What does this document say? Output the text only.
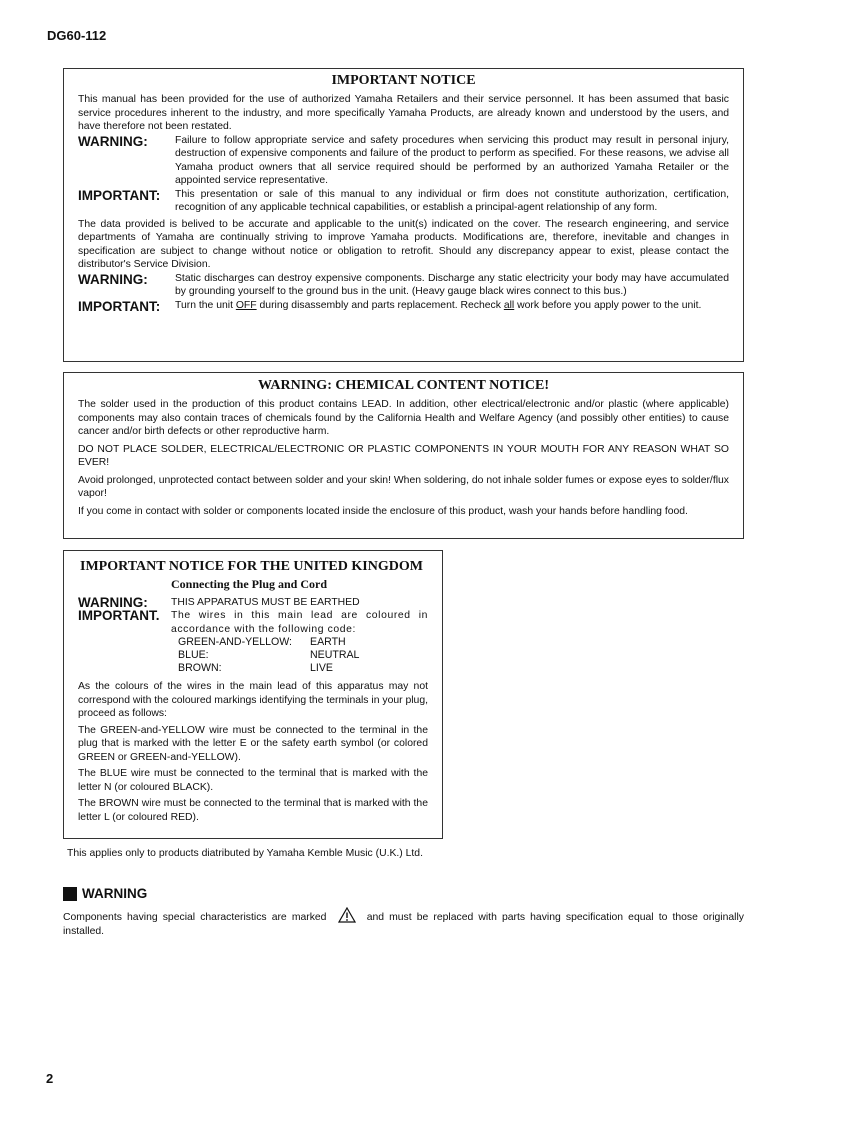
DG60-112
IMPORTANT NOTICE

This manual has been provided for the use of authorized Yamaha Retailers and their service personnel. It has been assumed that basic service procedures inherent to the industry, and more specifically Yamaha Products, are already known and understood by the users, and have therefore not been restated.

WARNING:	Failure to follow appropriate service and safety procedures when servicing this product may result in personal injury, destruction of expensive components and failure of the product to perform as specified. For these reasons, we advise all Yamaha product owners that all service required should be performed by an authorized Yamaha Retailer or the appointed service representative.
IMPORTANT:	This presentation or sale of this manual to any individual or firm does not constitute authorization, certification, recognition of any applicable technical capabilities, or establish a principal-agent relationship of any form.

The data provided is belived to be accurate and applicable to the unit(s) indicated on the cover. The research engineering, and service departments of Yamaha are continually striving to improve Yamaha products. Modifications are, therefore, inevitable and changes in specification are subject to change without notice or obligation to retrofit. Should any discrepancy appear to exist, please contact the distributor's Service Division.

WARNING:	Static discharges can destroy expensive components. Discharge any static electricity your body may have accumulated by grounding yourself to the ground bus in the unit. (Heavy gauge black wires connect to this bus.)
IMPORTANT:	Turn the unit OFF during disassembly and parts replacement. Recheck all work before you apply power to the unit.
WARNING: CHEMICAL CONTENT NOTICE!

The solder used in the production of this product contains LEAD. In addition, other electrical/electronic and/or plastic (where applicable) components may also contain traces of chemicals found by the California Health and Welfare Agency (and possibly other entities) to cause cancer and/or birth defects or other reproductive harm.

DO NOT PLACE SOLDER, ELECTRICAL/ELECTRONIC OR PLASTIC COMPONENTS IN YOUR MOUTH FOR ANY REASON WHAT SO EVER!

Avoid prolonged, unprotected contact between solder and your skin! When soldering, do not inhale solder fumes or expose eyes to solder/flux vapor!

If you come in contact with solder or components located inside the enclosure of this product, wash your hands before handling food.

IMPORTANT NOTICE FOR THE UNITED KINGDOM
Connecting the Plug and Cord
WARNING:	THIS APPARATUS MUST BE EARTHED
IMPORTANT.	The wires in this main lead are coloured in accordance with the following code:
GREEN-AND-YELLOW:	EARTH
BLUE:	NEUTRAL
BROWN:	LIVE

As the colours of the wires in the main lead of this apparatus may not correspond with the coloured markings identifying the terminals in your plug, proceed as follows:

The GREEN-and-YELLOW wire must be connected to the terminal in the plug that is marked with the letter E or the safety earth symbol (or colored GREEN or GREEN-and-YELLOW).

The BLUE wire must be connected to the terminal that is marked with the letter N (or coloured BLACK).

The BROWN wire must be connected to the terminal that is marked with the letter L (or coloured RED).

This applies only to products diatributed by Yamaha Kemble Music (U.K.) Ltd.
WARNING
Components having special characteristics are marked	and must be replaced with parts having specification equal to those originally installed.
2
